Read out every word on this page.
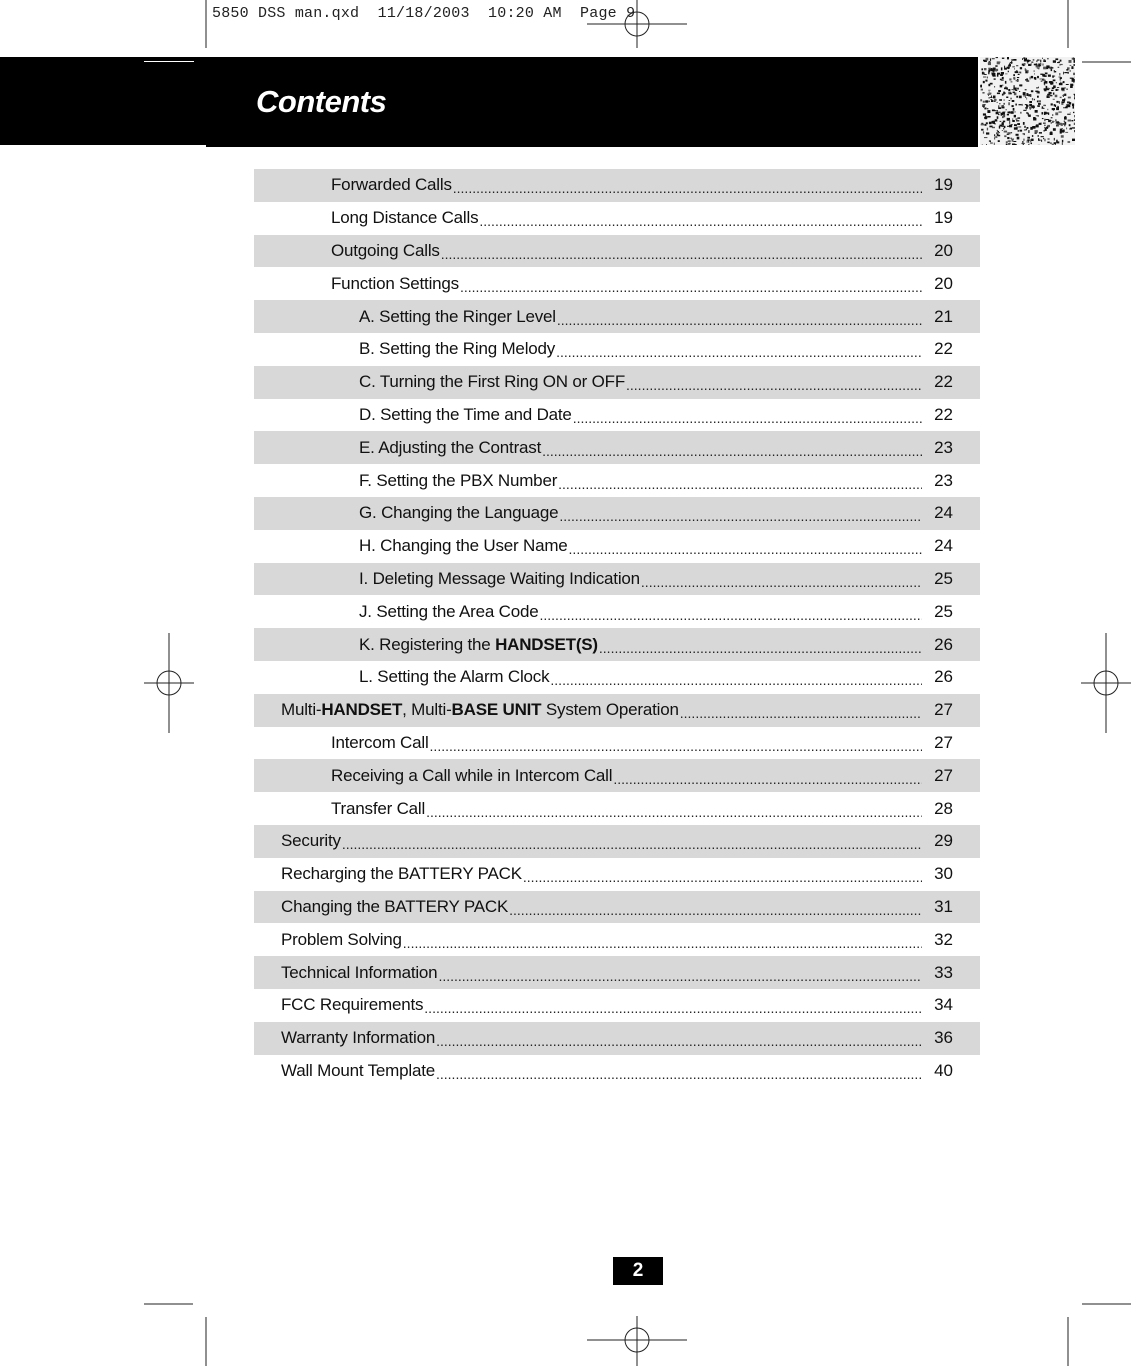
5850 DSS man.qxd  11/18/2003  10:20 AM  Page 9
Contents
Forwarded Calls .....	19
Long Distance Calls .....	19
Outgoing Calls .....	20
Function Settings .....	20
A. Setting the Ringer Level .....	21
B. Setting the Ring Melody .....	22
C. Turning the First Ring ON or OFF .....	22
D. Setting the Time and Date .....	22
E. Adjusting the Contrast .....	23
F. Setting the PBX Number .....	23
G. Changing the Language .....	24
H. Changing the User Name .....	24
I. Deleting Message Waiting Indication .....	25
J. Setting the Area Code .....	25
K. Registering the HANDSET(S) .....	26
L. Setting the Alarm Clock .....	26
Multi-HANDSET, Multi-BASE UNIT System Operation .....	27
Intercom Call .....	27
Receiving a Call while in Intercom Call .....	27
Transfer Call .....	28
Security .....	29
Recharging the BATTERY PACK .....	30
Changing the BATTERY PACK .....	31
Problem Solving .....	32
Technical Information .....	33
FCC Requirements .....	34
Warranty Information .....	36
Wall Mount Template .....	40
2
